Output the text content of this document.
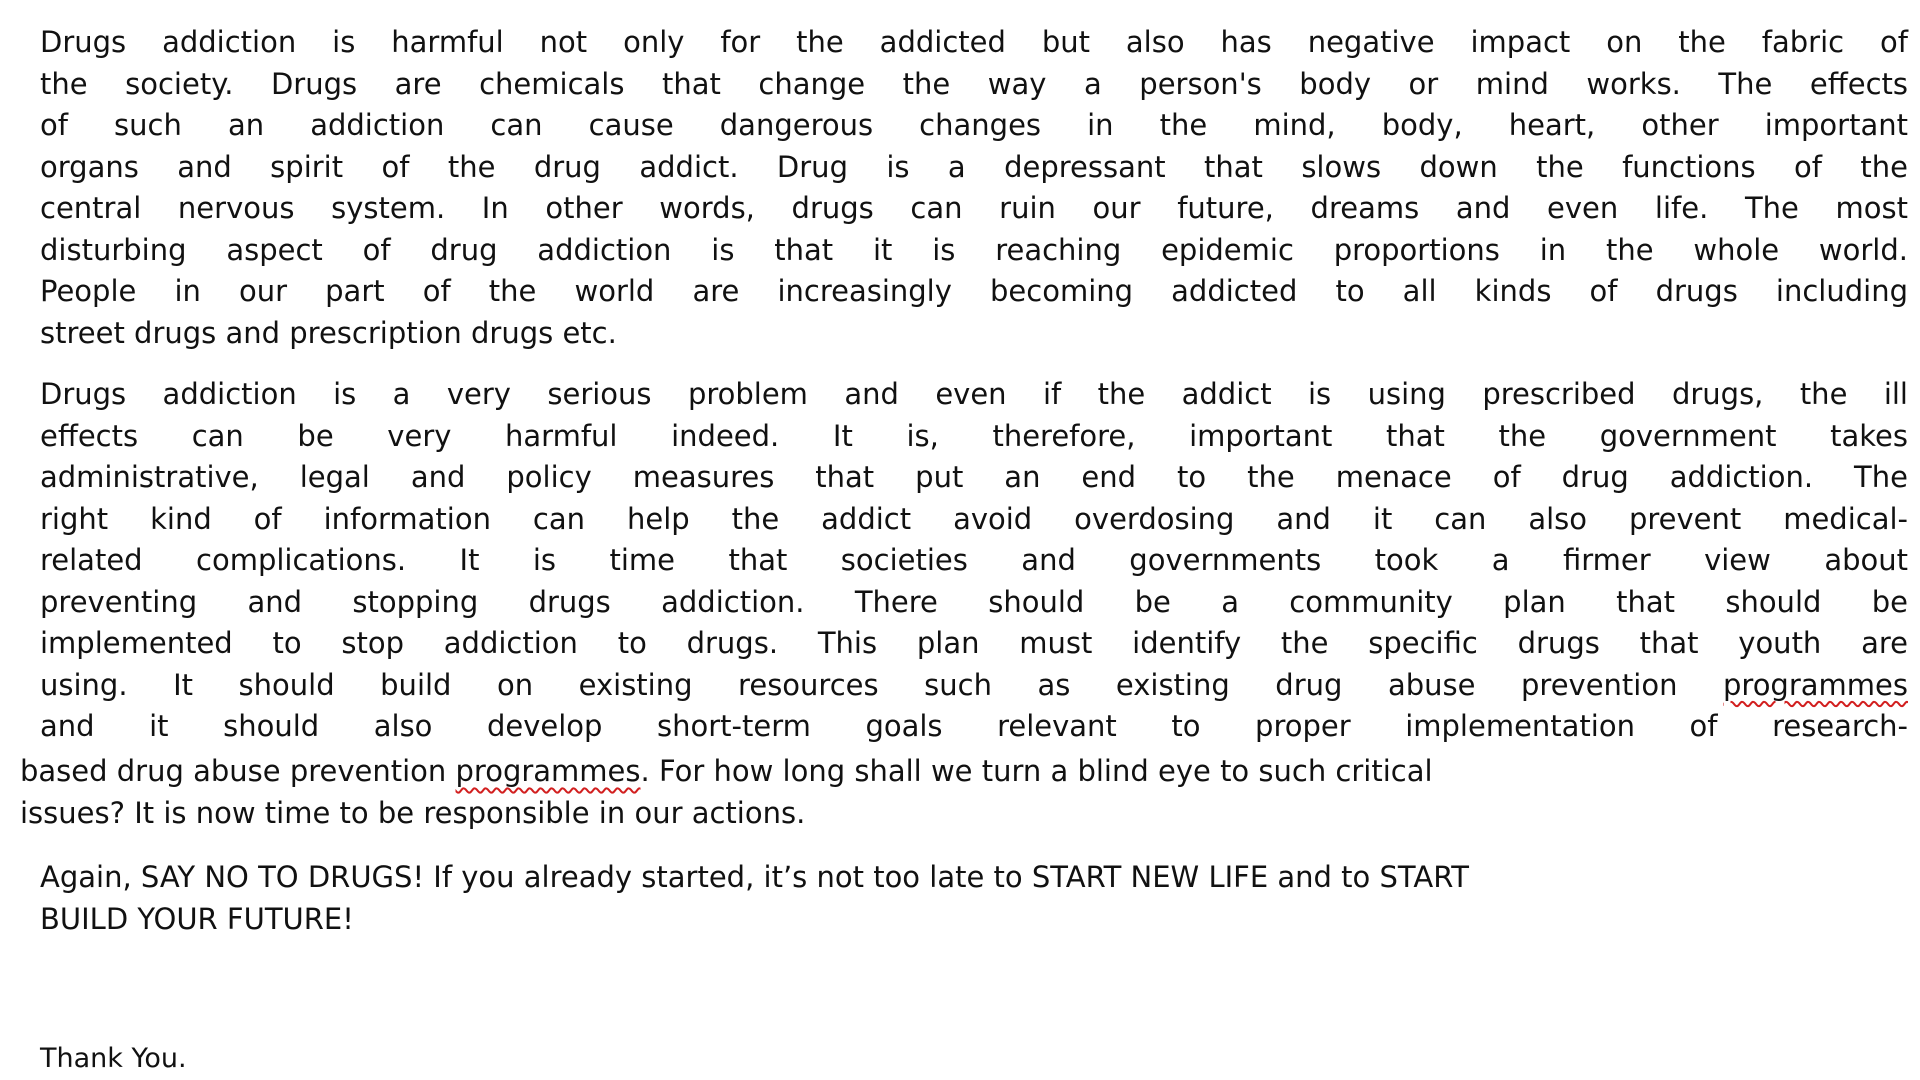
Drugs addiction is harmful not only for the addicted but also has negative impact on the fabric of
the society. Drugs are chemicals that change the way a person's body or mind works. The effects
of such an addiction can cause dangerous changes in the mind, body, heart, other important
organs and spirit of the drug addict. Drug is a depressant that slows down the functions of the
central nervous system. In other words, drugs can ruin our future, dreams and even life. The most
disturbing aspect of drug addiction is that it is reaching epidemic proportions in the whole world.
People in our part of the world are increasingly becoming addicted to all kinds of drugs including
street drugs and prescription drugs etc.

Drugs addiction is a very serious problem and even if the addict is using prescribed drugs, the ill
effects can be very harmful indeed. It is, therefore, important that the government takes
administrative, legal and policy measures that put an end to the menace of drug addiction. The
right kind of information can help the addict avoid overdosing and it can also prevent medical-
related complications. It is time that societies and governments took a firmer view about
preventing and stopping drugs addiction. There should be a community plan that should be
implemented to stop addiction to drugs. This plan must identify the specific drugs that youth are
using. It should build on existing resources such as existing drug abuse prevention programmes
and it should also develop short-term goals relevant to proper implementation of research-

based drug abuse prevention programmes. For how long shall we turn a blind eye to such critical
issues? It is now time to be responsible in our actions.

Again, SAY NO TO DRUGS! If you already started, it’s not too late to START NEW LIFE and to START
BUILD YOUR FUTURE!

Thank You.
